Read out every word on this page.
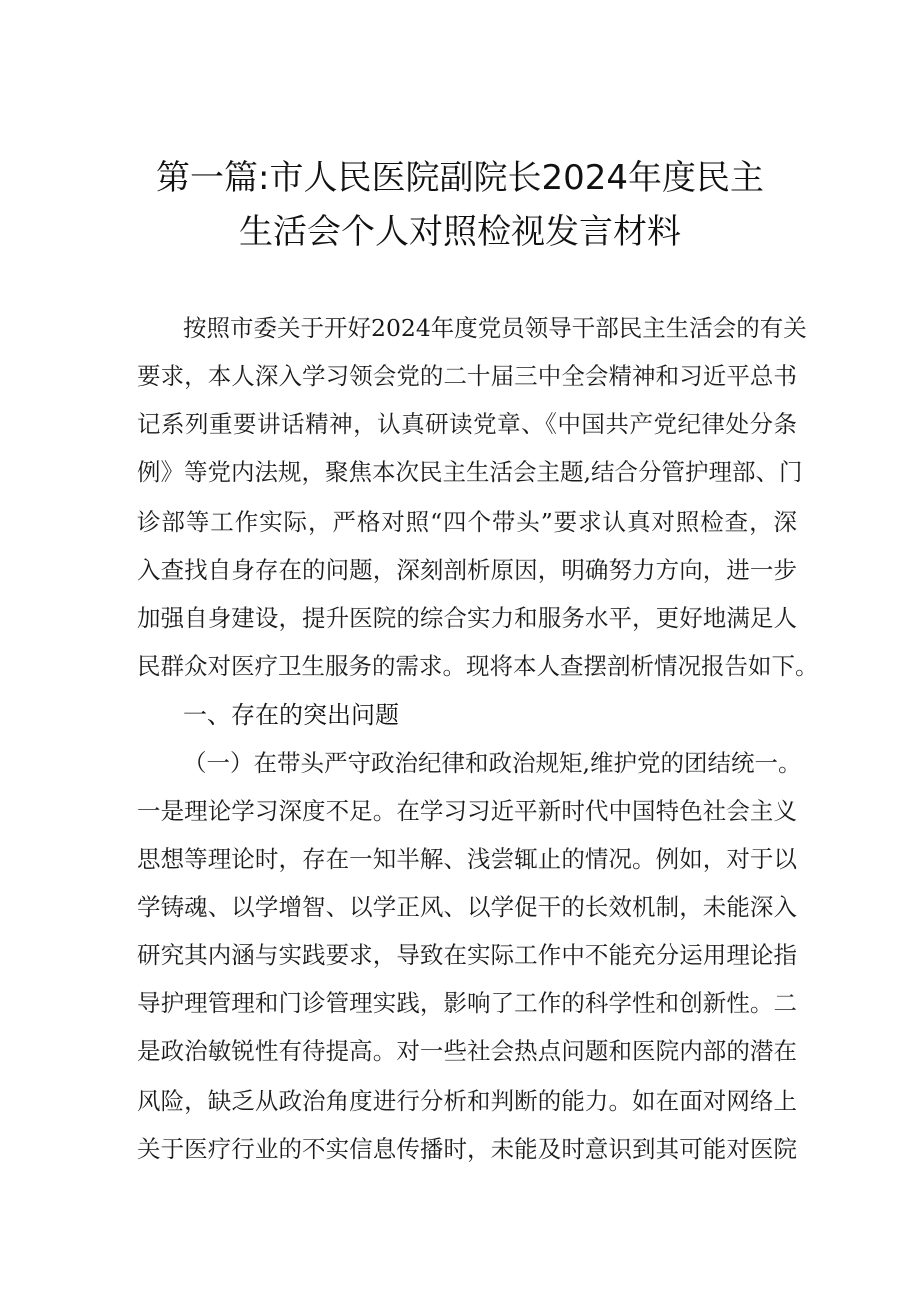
第一篇:市人民医院副院长2024年度民主
生活会个人对照检视发言材料
按照市委关于开好2024年度党员领导干部民主生活会的有关
要求，本人深入学习领会党的二十届三中全会精神和习近平总书
记系列重要讲话精神，认真研读党章、《中国共产党纪律处分条
例》等党内法规，聚焦本次民主生活会主题,结合分管护理部、门
诊部等工作实际，严格对照“四个带头”要求认真对照检查，深
入查找自身存在的问题，深刻剖析原因，明确努力方向，进一步
加强自身建设，提升医院的综合实力和服务水平，更好地满足人
民群众对医疗卫生服务的需求。现将本人查摆剖析情况报告如下。
一、存在的突出问题
（一）在带头严守政治纪律和政治规矩,维护党的团结统一。
一是理论学习深度不足。在学习习近平新时代中国特色社会主义
思想等理论时，存在一知半解、浅尝辄止的情况。例如，对于以
学铸魂、以学增智、以学正风、以学促干的长效机制，未能深入
研究其内涵与实践要求，导致在实际工作中不能充分运用理论指
导护理管理和门诊管理实践，影响了工作的科学性和创新性。二
是政治敏锐性有待提高。对一些社会热点问题和医院内部的潜在
风险，缺乏从政治角度进行分析和判断的能力。如在面对网络上
关于医疗行业的不实信息传播时，未能及时意识到其可能对医院
